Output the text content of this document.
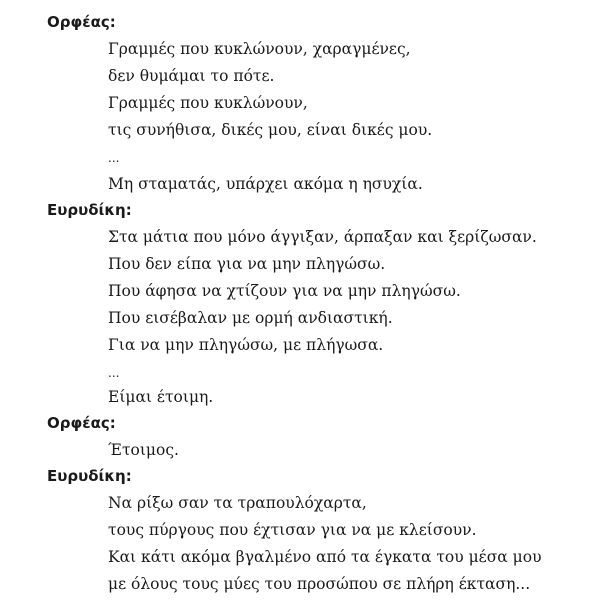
Ορφέας:
Γραμμές που κυκλώνουν, χαραγμένες,
δεν θυμάμαι το πότε.
Γραμμές που κυκλώνουν,
τις συνήθισα, δικές μου, είναι δικές μου.
...
Μη σταματάς, υπάρχει ακόμα η ησυχία.
Ευρυδίκη:
Στα μάτια που μόνο άγγιξαν, άρπαξαν και ξερίζωσαν.
Που δεν είπα για να μην πληγώσω.
Που άφησα να χτίζουν για να μην πληγώσω.
Που εισέβαλαν με ορμή ανδιαστική.
Για να μην πληγώσω, με πλήγωσα.
...
Είμαι έτοιμη.
Ορφέας:
Έτοιμος.
Ευρυδίκη:
Να ρίξω σαν τα τραπουλόχαρτα,
τους πύργους που έχτισαν για να με κλείσουν.
Και κάτι ακόμα βγαλμένο από τα έγκατα του μέσα μου
με όλους τους μύες του προσώπου σε πλήρη έκταση...
